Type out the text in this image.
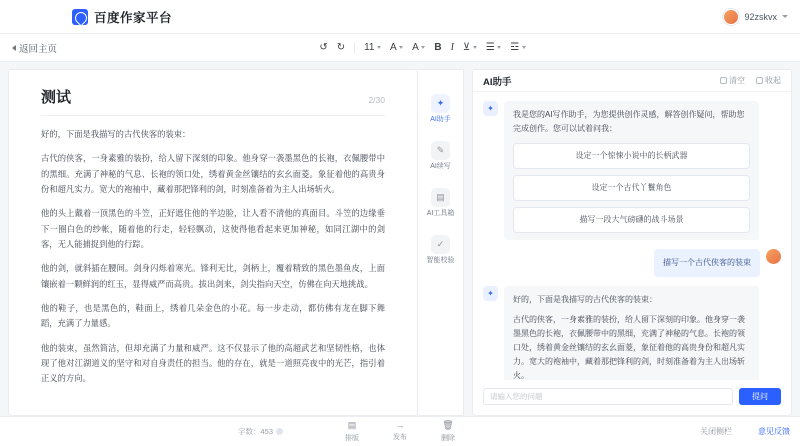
百度作家平台	92zskvx
返回主页	↺ ↻ 11 A A B I ⊻ ☰ ☲
测试	2/30

好的，下面是我描写的古代侠客的装束：

古代的侠客，一身素雅的装扮，给人留下深刻的印象。他身穿一袭墨黑色的长袍，衣佩腰带中的黑细。充满了神秘的气息、长袍的领口处，绣着黄金丝镶结的玄幺面菱。象征着他的高贵身份和超凡实力。宽大的袍袖中，藏着那把锋利的剑，时刻准备着为主人出场斩火。

他的头上戴着一顶黑色的斗笠，正好遮住他的半边脸，让人看不清他的真面目。斗笠的边缘垂下一圈白色的纱帐，随着他的行走，轻轻飘动，这使得他看起来更加神秘，如同江湖中的剑客，无人能捕捉到他的行踪。

他的剑，就斜插在腰间。剑身闪烁着寒光。锋利无比，剑柄上，覆着精致的黑色墨鱼皮，上面镶嵌着一颗鲜润的红玉，显得威严而高贵。拔出剑来，剑尖指向天空，仿佛在向天地挑战。

他的鞋子，也是黑色的，鞋面上，绣着几朵金色的小花。每一步走动，都仿佛有龙在脚下舞蹈，充满了力量感。

他的装束，虽然简洁，但却充满了力量和威严。这不仅显示了他的高超武艺和坚韧性格，也体现了他对江湖道义的坚守和对自身责任的担当。他的存在，就是一道照亮夜中的光芒，指引着正义的方向。

✦
AI助手
✎
AI续写
▤
AI工具箱
✓
智能校验
AI助手	清空	收起
✦
我是您的AI写作助手，为您提供创作灵感，解答创作疑问，帮助您完成创作。您可以试着问我：
设定一个惊悚小说中的长柄武器
设定一个古代丫鬟角色
描写一段大气磅礴的战斗场景
描写一个古代侠客的装束
✦
好的，下面是我描写的古代侠客的装束：
古代的侠客，一身素雅的装扮，给人留下深刻的印象。他身穿一袭墨黑色的长袍，衣佩腰带中的黑细，充满了神秘的气息。长袍的领口处，绣着黄金丝镶结的玄幺面菱，象征着他的高贵身份和超凡实力。宽大的袍袖中，藏着那把锋利的剑，时刻准备着为主人出场斩火。
请输入您的问题
提问
字数：453
▤
排版
→
发布
🗑
删除
关闭侧栏	意见反馈
